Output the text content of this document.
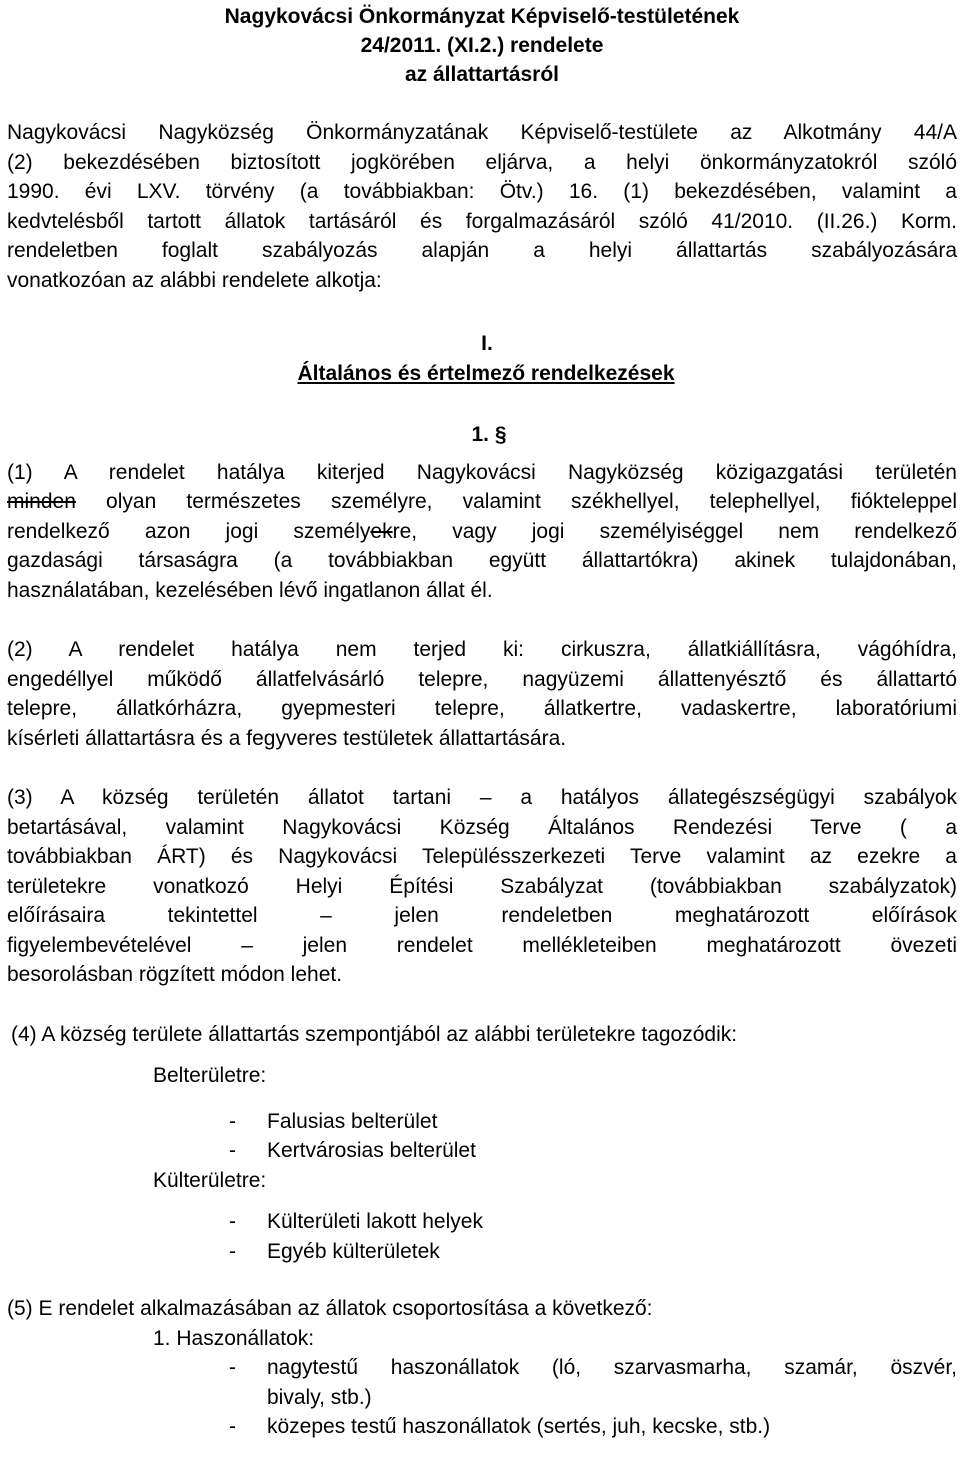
Nagykovácsi Önkormányzat Képviselő-testületének
24/2011. (XI.2.) rendelete
az állattartásról
Nagykovácsi Nagyközség Önkormányzatának Képviselő-testülete az Alkotmány 44/A
(2) bekezdésében biztosított jogkörében eljárva, a helyi önkormányzatokról szóló
1990. évi LXV. törvény (a továbbiakban: Ötv.) 16. (1) bekezdésében, valamint a
kedvtelésből tartott állatok tartásáról és forgalmazásáról szóló 41/2010. (II.26.) Korm.
rendeletben foglalt szabályozás alapján a helyi állattartás szabályozására
vonatkozóan az alábbi rendelete alkotja:
I.
Általános és értelmező rendelkezések
1. §
(1) A rendelet hatálya kiterjed Nagykovácsi Nagyközség közigazgatási területén
minden olyan természetes személyre, valamint székhellyel, telephellyel, fiókteleppel
rendelkező azon jogi személyekre, vagy jogi személyiséggel nem rendelkező
gazdasági társaságra (a továbbiakban együtt állattartókra) akinek tulajdonában,
használatában, kezelésében lévő ingatlanon állat él.
(2) A rendelet hatálya nem terjed ki: cirkuszra, állatkiállításra, vágóhídra,
engedéllyel működő állatfelvásárló telepre, nagyüzemi állattenyésztő és állattartó
telepre, állatkórházra, gyepmesteri telepre, állatkertre, vadaskertre, laboratóriumi
kísérleti állattartásra és a fegyveres testületek állattartására.
(3) A község területén állatot tartani – a hatályos állategészségügyi szabályok
betartásával, valamint Nagykovácsi Község Általános Rendezési Terve ( a
továbbiakban ÁRT) és Nagykovácsi Településszerkezeti Terve valamint az ezekre a
területekre vonatkozó Helyi Építési Szabályzat (továbbiakban szabályzatok)
előírásaira tekintettel – jelen rendeletben meghatározott előírások
figyelembevételével – jelen rendelet mellékleteiben meghatározott övezeti
besorolásban rögzített módon lehet.
(4) A község területe állattartás szempontjából az alábbi területekre tagozódik:
Belterületre:
-	Falusias belterület
-	Kertvárosias belterület
Külterületre:
-	Külterületi lakott helyek
-	Egyéb külterületek
(5) E rendelet alkalmazásában az állatok csoportosítása a következő:
1. Haszonállatok:
-	nagytestű haszonállatok (ló, szarvasmarha, szamár, öszvér,
bivaly, stb.)
-	közepes testű haszonállatok (sertés, juh, kecske, stb.)
